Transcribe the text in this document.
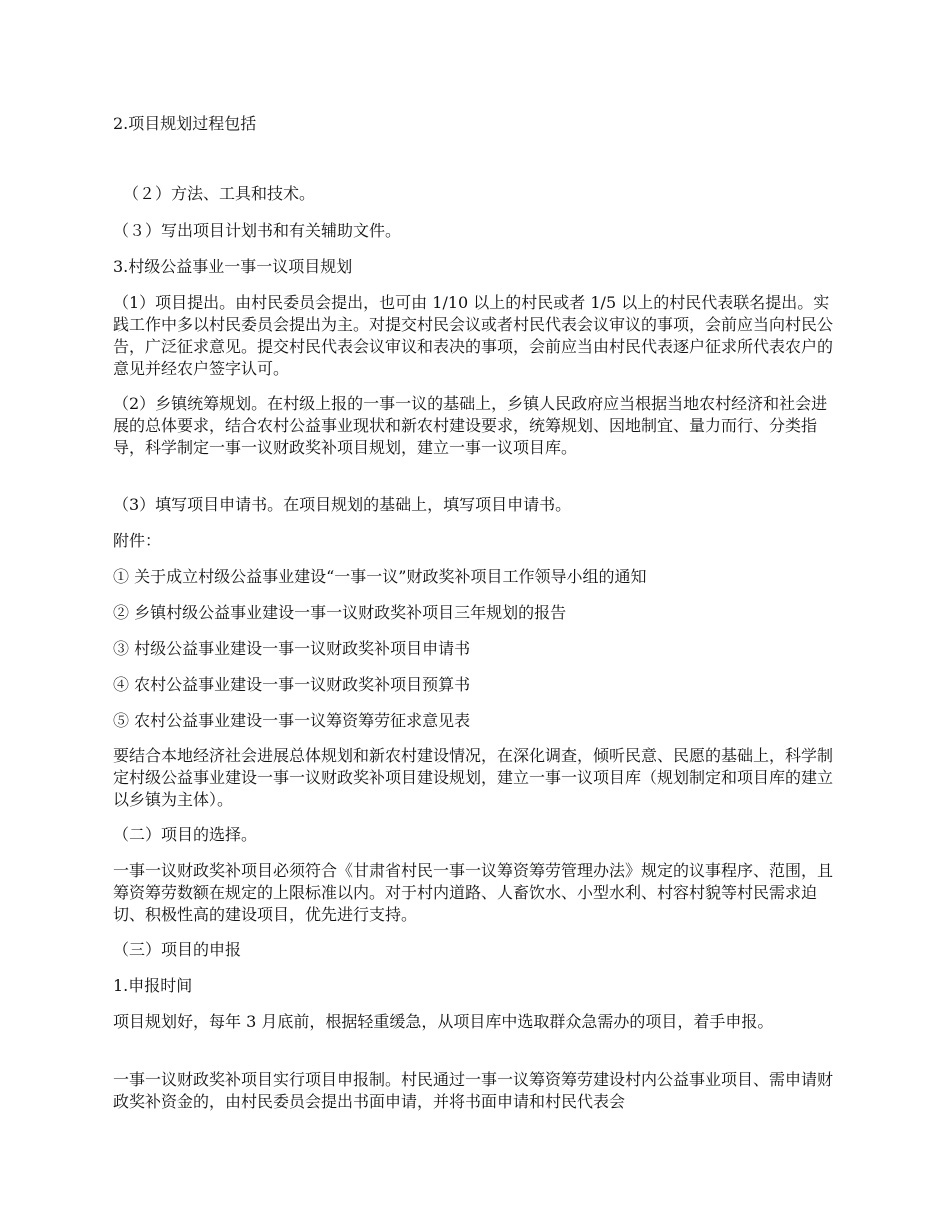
2.项目规划过程包括

（２）方法、工具和技术。

（３）写出项目计划书和有关辅助文件。

3.村级公益事业一事一议项目规划

（1）项目提出。由村民委员会提出，也可由 1/10 以上的村民或者 1/5 以上的村民代表联名提出。实践工作中多以村民委员会提出为主。对提交村民会议或者村民代表会议审议的事项，会前应当向村民公告，广泛征求意见。提交村民代表会议审议和表决的事项，会前应当由村民代表逐户征求所代表农户的意见并经农户签字认可。

（2）乡镇统筹规划。在村级上报的一事一议的基础上，乡镇人民政府应当根据当地农村经济和社会进展的总体要求，结合农村公益事业现状和新农村建设要求，统筹规划、因地制宜、量力而行、分类指导，科学制定一事一议财政奖补项目规划，建立一事一议项目库。

（3）填写项目申请书。在项目规划的基础上，填写项目申请书。

附件：

① 关于成立村级公益事业建设“一事一议”财政奖补项目工作领导小组的通知

② 乡镇村级公益事业建设一事一议财政奖补项目三年规划的报告

③ 村级公益事业建设一事一议财政奖补项目申请书

④ 农村公益事业建设一事一议财政奖补项目预算书

⑤ 农村公益事业建设一事一议筹资筹劳征求意见表

要结合本地经济社会进展总体规划和新农村建设情况，在深化调查，倾听民意、民愿的基础上，科学制定村级公益事业建设一事一议财政奖补项目建设规划，建立一事一议项目库（规划制定和项目库的建立以乡镇为主体）。

（二）项目的选择。

一事一议财政奖补项目必须符合《甘肃省村民一事一议筹资筹劳管理办法》规定的议事程序、范围，且筹资筹劳数额在规定的上限标准以内。对于村内道路、人畜饮水、小型水利、村容村貌等村民需求迫切、积极性高的建设项目，优先进行支持。

（三）项目的申报

1.申报时间

项目规划好，每年 3 月底前，根据轻重缓急，从项目库中选取群众急需办的项目，着手申报。

一事一议财政奖补项目实行项目申报制。村民通过一事一议筹资筹劳建设村内公益事业项目、需申请财政奖补资金的，由村民委员会提出书面申请，并将书面申请和村民代表会
